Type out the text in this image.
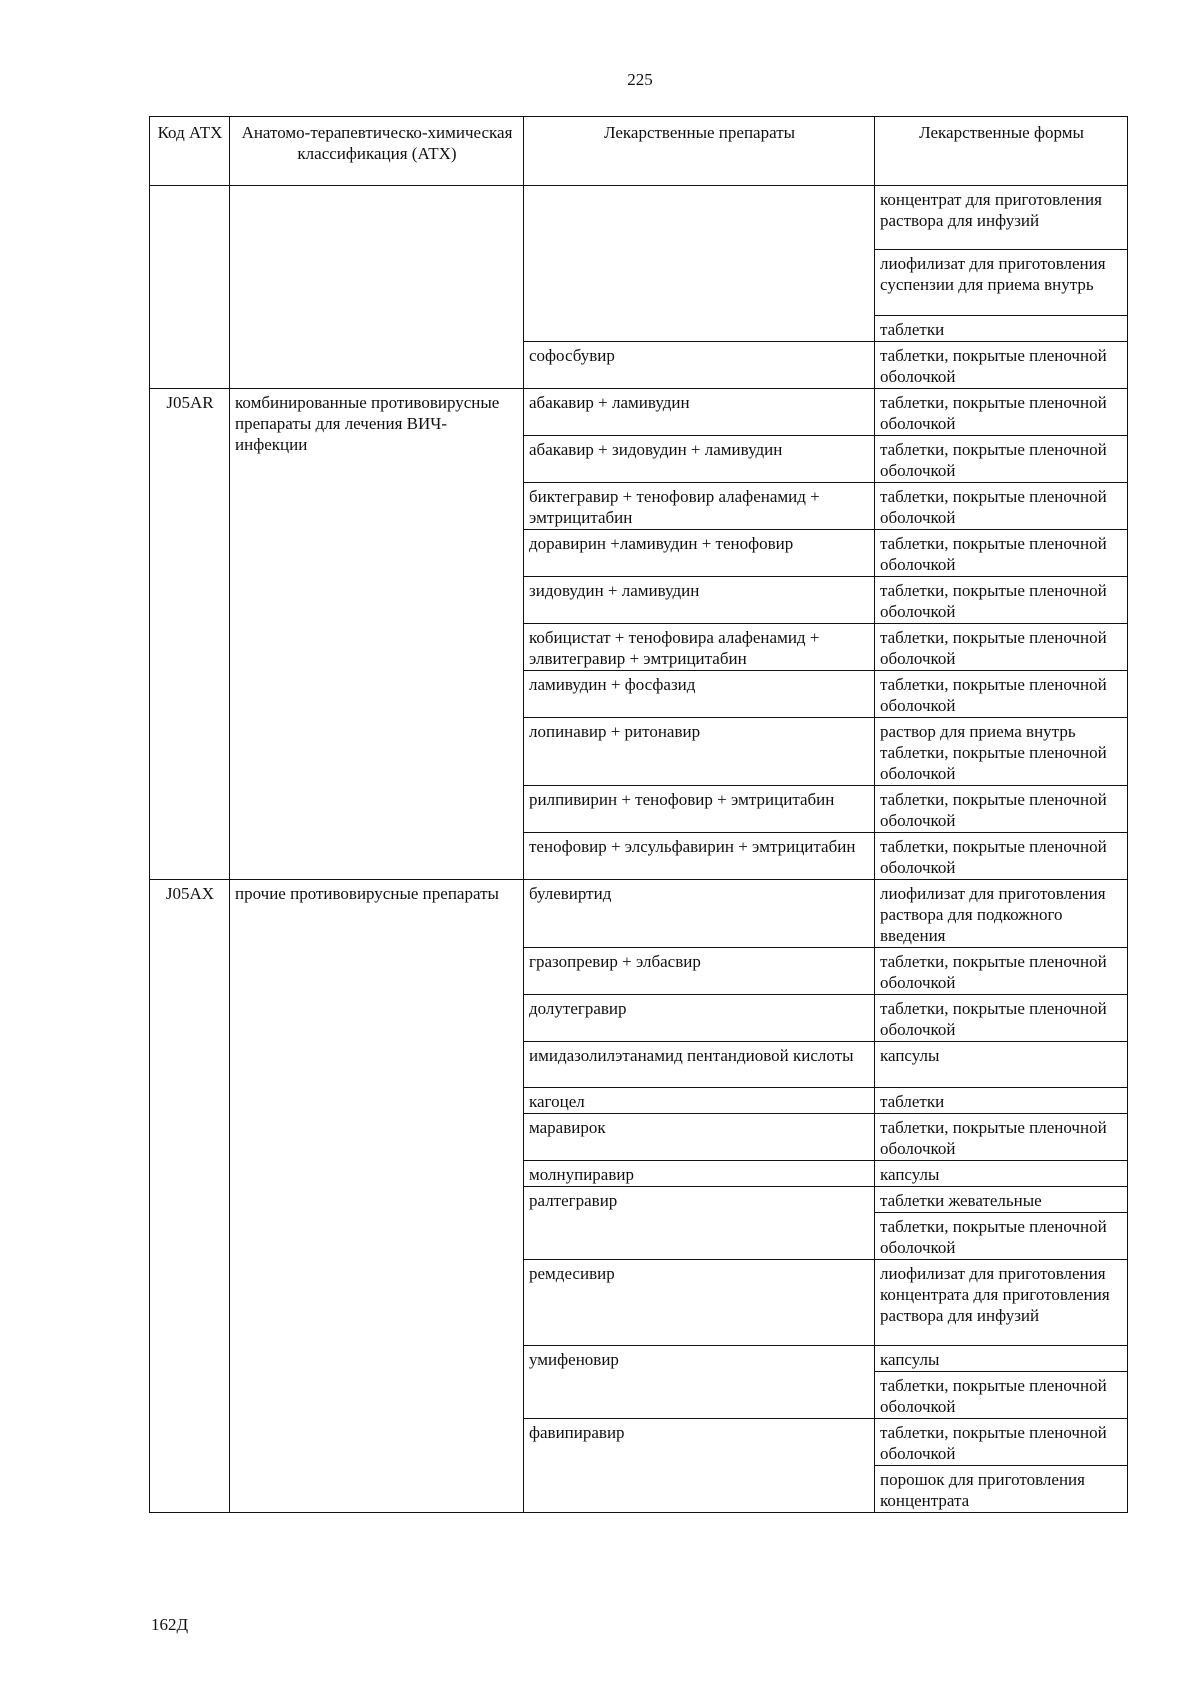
225
Код АТХ	Анатомо-терапевтическо-химическая классификация (АТХ)	Лекарственные препараты	Лекарственные формы
			концентрат для приготовления раствора для инфузий
			лиофилизат для приготовления суспензии для приема внутрь
			таблетки
		софосбувир	таблетки, покрытые пленочной оболочкой
J05AR	комбинированные противовирусные препараты для лечения ВИЧ-инфекции	абакавир + ламивудин	таблетки, покрытые пленочной оболочкой
		абакавир + зидовудин + ламивудин	таблетки, покрытые пленочной оболочкой
		биктегравир + тенофовир алафенамид + эмтрицитабин	таблетки, покрытые пленочной оболочкой
		доравирин +ламивудин + тенофовир	таблетки, покрытые пленочной оболочкой
		зидовудин + ламивудин	таблетки, покрытые пленочной оболочкой
		кобицистат + тенофовира алафенамид + элвитегравир + эмтрицитабин	таблетки, покрытые пленочной оболочкой
		ламивудин + фосфазид	таблетки, покрытые пленочной оболочкой
		лопинавир + ритонавир	раствор для приема внутрь таблетки, покрытые пленочной оболочкой
		рилпивирин + тенофовир + эмтрицитабин	таблетки, покрытые пленочной оболочкой
		тенофовир + элсульфавирин + эмтрицитабин	таблетки, покрытые пленочной оболочкой
J05AX	прочие противовирусные препараты	булевиртид	лиофилизат для приготовления раствора для подкожного введения
		гразопревир + элбасвир	таблетки, покрытые пленочной оболочкой
		долутегравир	таблетки, покрытые пленочной оболочкой
		имидазолилэтанамид пентандиовой кислоты	капсулы
		кагоцел	таблетки
		маравирок	таблетки, покрытые пленочной оболочкой
		молнупиравир	капсулы
		ралтегравир	таблетки жевательные
			таблетки, покрытые пленочной оболочкой
		ремдесивир	лиофилизат для приготовления концентрата для приготовления раствора для инфузий
		умифеновир	капсулы
			таблетки, покрытые пленочной оболочкой
		фавипиравир	таблетки, покрытые пленочной оболочкой
			порошок для приготовления концентрата
162Д
